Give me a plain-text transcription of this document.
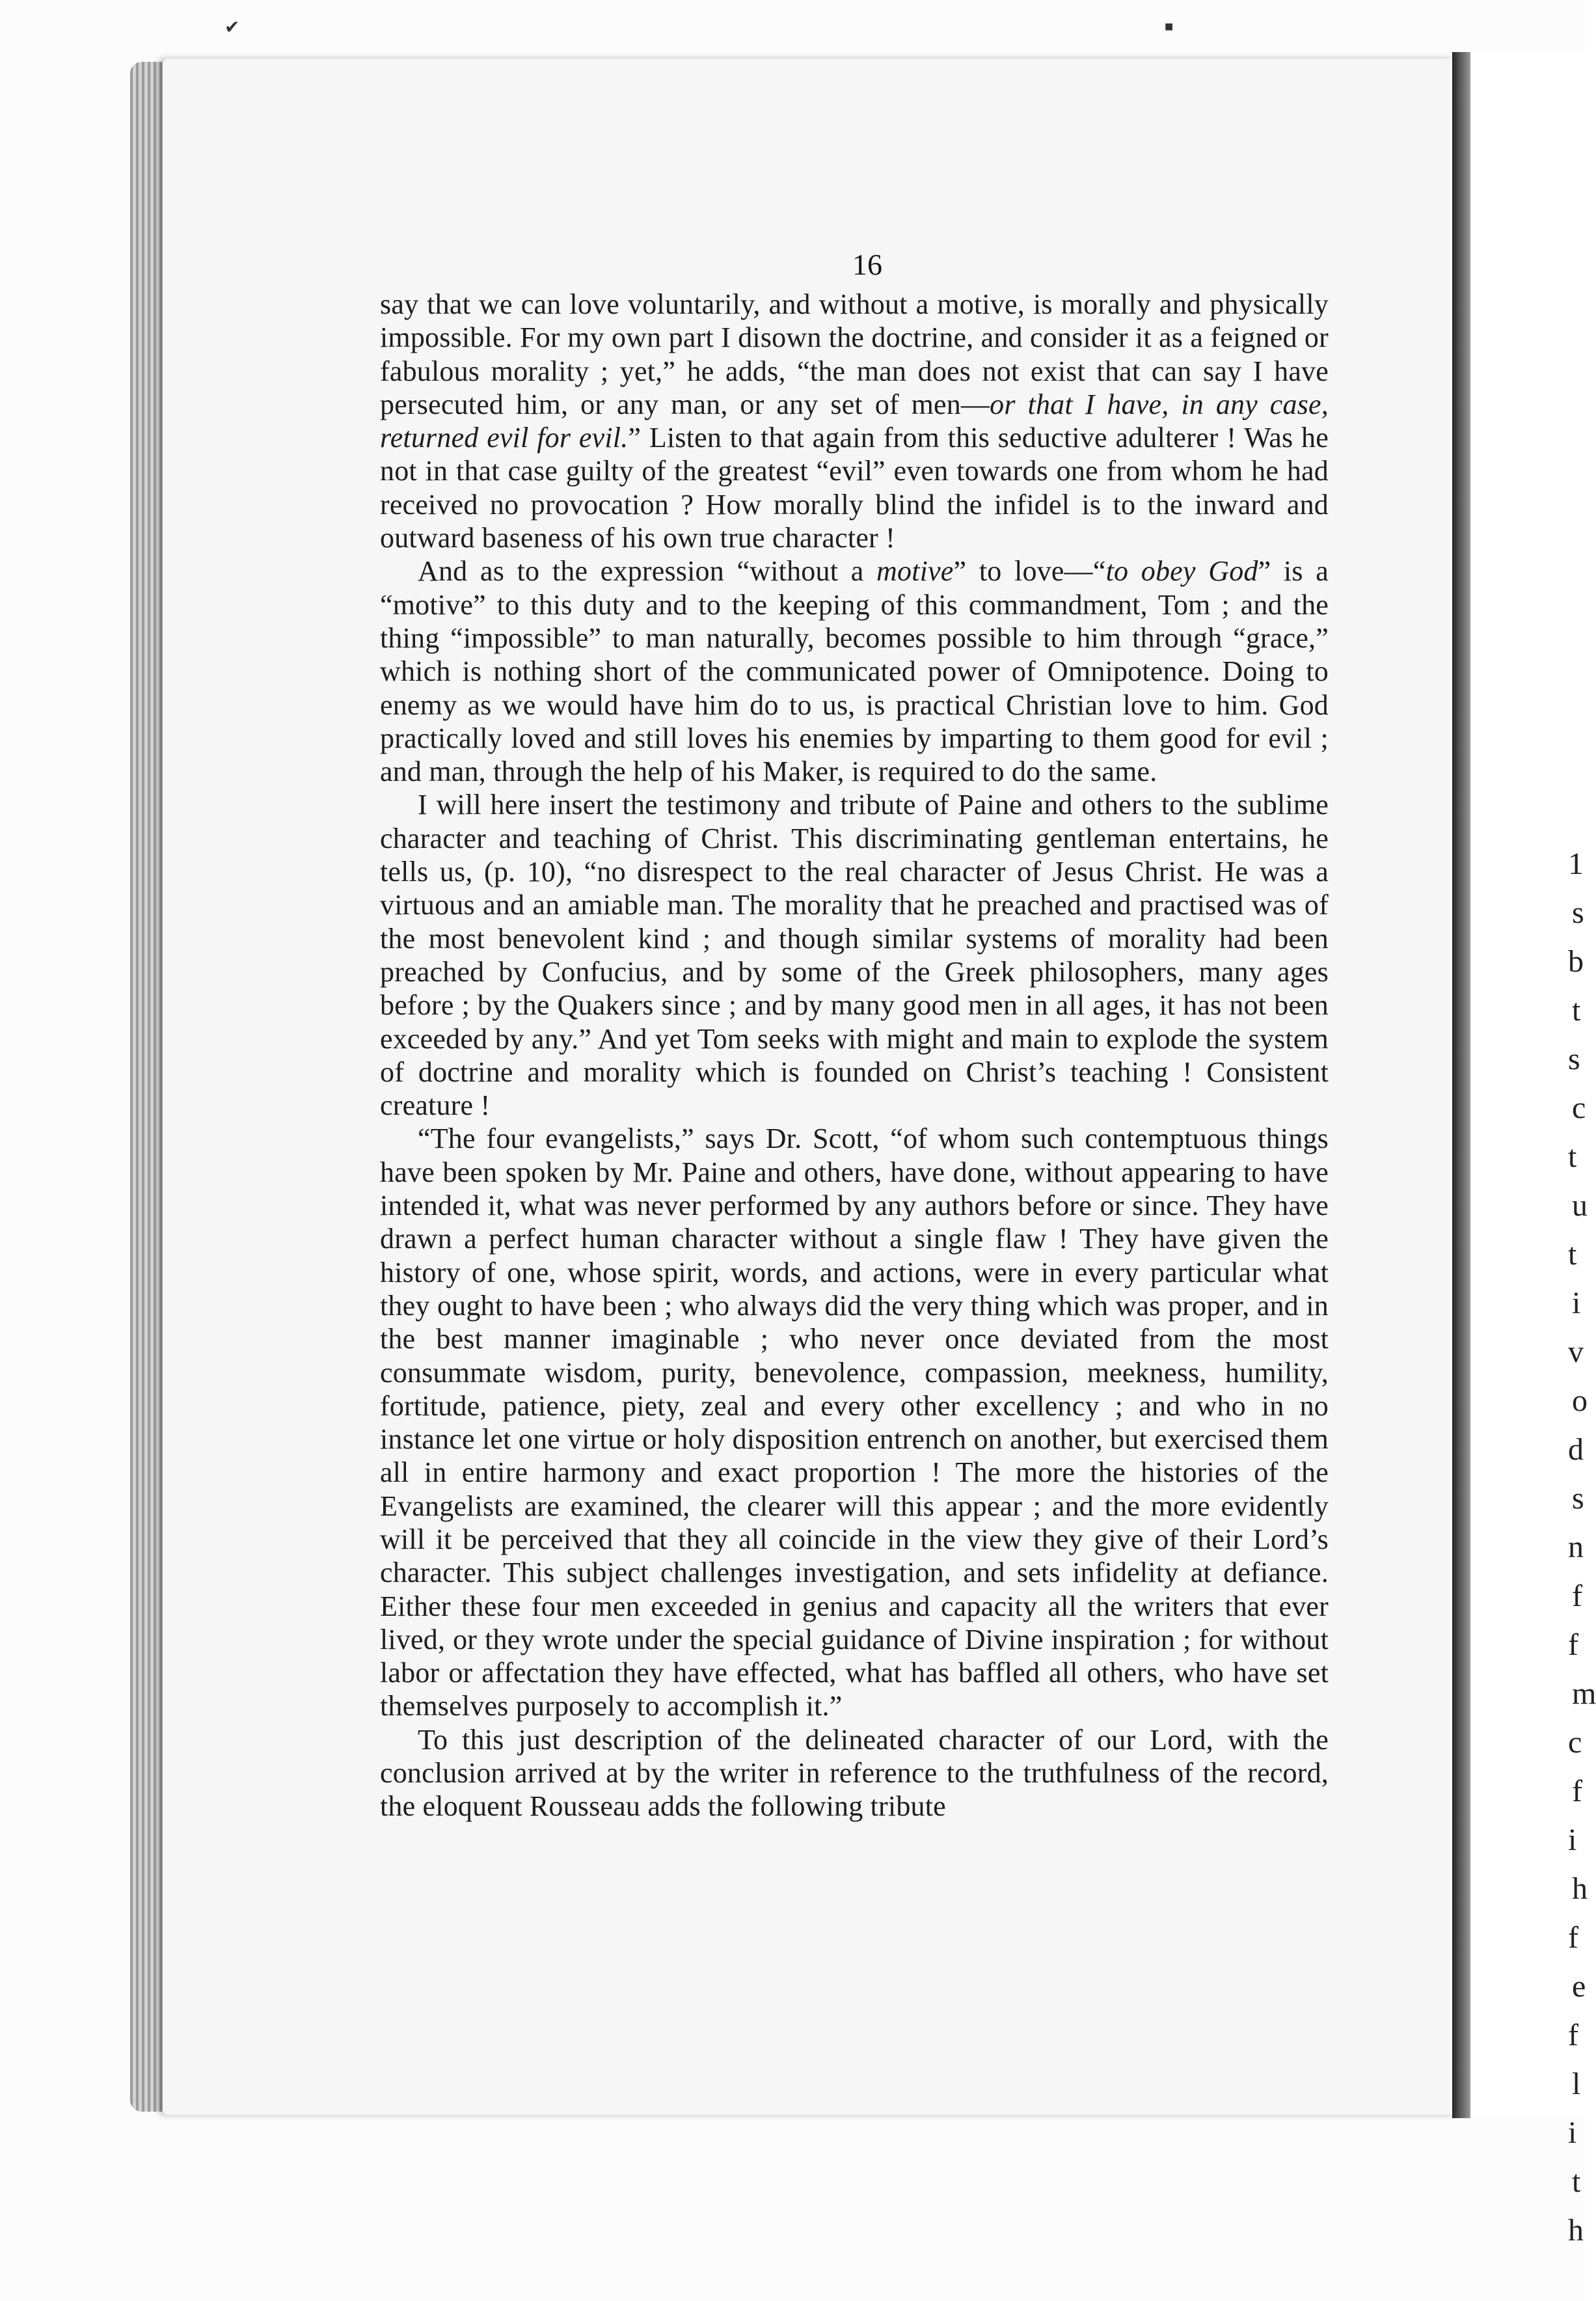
1
s
b
t
s
c
t
u
t
i
v
o
d
s
n
f
f
m
c
f
i
h
f
e
f
l
i
t
h
✔	■
16

say that we can love voluntarily, and without a motive, is morally and physically impossible. For my own part I disown the doctrine, and consider it as a feigned or fabulous morality ; yet,” he adds, “the man does not exist that can say I have persecuted him, or any man, or any set of men—or that I have, in any case, returned evil for evil.” Listen to that again from this seductive adulterer ! Was he not in that case guilty of the greatest “evil” even towards one from whom he had received no provocation ? How morally blind the infidel is to the inward and outward baseness of his own true character !

And as to the expression “without a motive” to love—“to obey God” is a “motive” to this duty and to the keeping of this commandment, Tom ; and the thing “impossible” to man naturally, becomes possible to him through “grace,” which is nothing short of the communicated power of Omnipotence. Doing to enemy as we would have him do to us, is practical Christian love to him. God practically loved and still loves his enemies by imparting to them good for evil ; and man, through the help of his Maker, is required to do the same.

I will here insert the testimony and tribute of Paine and others to the sublime character and teaching of Christ. This discriminating gentleman entertains, he tells us, (p. 10), “no disrespect to the real character of Jesus Christ. He was a virtuous and an amiable man. The morality that he preached and practised was of the most benevolent kind ; and though similar systems of morality had been preached by Confucius, and by some of the Greek philosophers, many ages before ; by the Quakers since ; and by many good men in all ages, it has not been exceeded by any.” And yet Tom seeks with might and main to explode the system of doctrine and morality which is founded on Christ’s teaching ! Consistent creature !

“The four evangelists,” says Dr. Scott, “of whom such contemptuous things have been spoken by Mr. Paine and others, have done, without appearing to have intended it, what was never performed by any authors before or since. They have drawn a perfect human character without a single flaw ! They have given the history of one, whose spirit, words, and actions, were in every particular what they ought to have been ; who always did the very thing which was proper, and in the best manner imaginable ; who never once deviated from the most consummate wisdom, purity, benevolence, compassion, meekness, humility, fortitude, patience, piety, zeal and every other excellency ; and who in no instance let one virtue or holy disposition entrench on another, but exercised them all in entire harmony and exact proportion ! The more the histories of the Evangelists are examined, the clearer will this appear ; and the more evidently will it be perceived that they all coincide in the view they give of their Lord’s character. This subject challenges investigation, and sets infidelity at defiance. Either these four men exceeded in genius and capacity all the writers that ever lived, or they wrote under the special guidance of Divine inspiration ; for without labor or affectation they have effected, what has baffled all others, who have set themselves purposely to accomplish it.”

To this just description of the delineated character of our Lord, with the conclusion arrived at by the writer in reference to the truthfulness of the record, the eloquent Rousseau adds the following tribute
